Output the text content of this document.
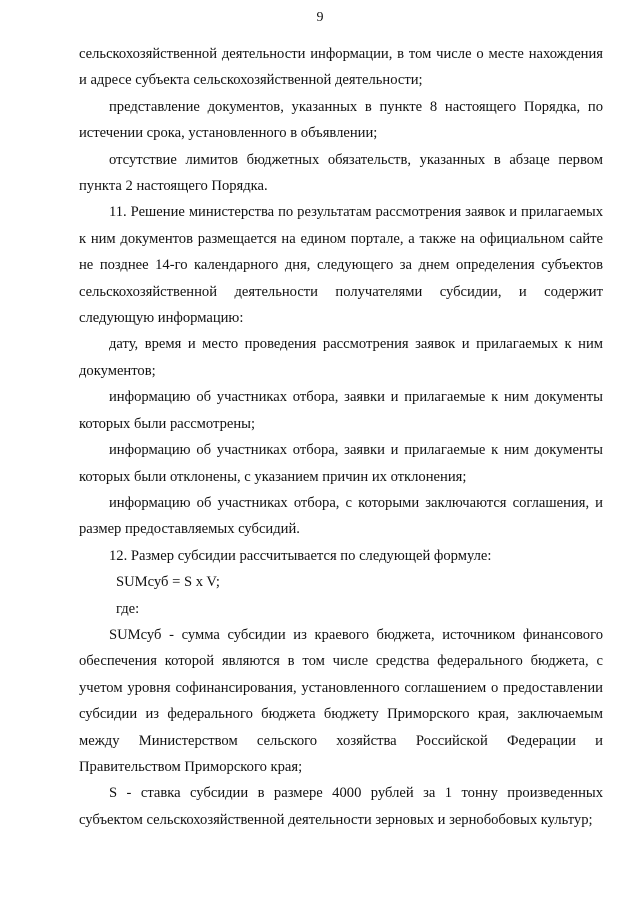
9

сельскохозяйственной деятельности информации, в том числе о месте нахождения и адресе субъекта сельскохозяйственной деятельности;

представление документов, указанных в пункте 8 настоящего Порядка, по истечении срока, установленного в объявлении;

отсутствие лимитов бюджетных обязательств, указанных в абзаце первом пункта 2 настоящего Порядка.

11. Решение министерства по результатам рассмотрения заявок и прилагаемых к ним документов размещается на едином портале, а также на официальном сайте не позднее 14-го календарного дня, следующего за днем определения субъектов сельскохозяйственной деятельности получателями субсидии, и содержит следующую информацию:

дату, время и место проведения рассмотрения заявок и прилагаемых к ним документов;

информацию об участниках отбора, заявки и прилагаемые к ним документы которых были рассмотрены;

информацию об участниках отбора, заявки и прилагаемые к ним документы которых были отклонены, с указанием причин их отклонения;

информацию об участниках отбора, с которыми заключаются соглашения, и размер предоставляемых субсидий.

12. Размер субсидии рассчитывается по следующей формуле:

SUMсуб = S x V;

где:

SUMсуб - сумма субсидии из краевого бюджета, источником финансового обеспечения которой являются в том числе средства федерального бюджета, с учетом уровня софинансирования, установленного соглашением о предоставлении субсидии из федерального бюджета бюджету Приморского края, заключаемым между Министерством сельского хозяйства Российской Федерации и Правительством Приморского края;

S - ставка субсидии в размере 4000 рублей за 1 тонну произведенных субъектом сельскохозяйственной деятельности зерновых и зернобобовых культур;
